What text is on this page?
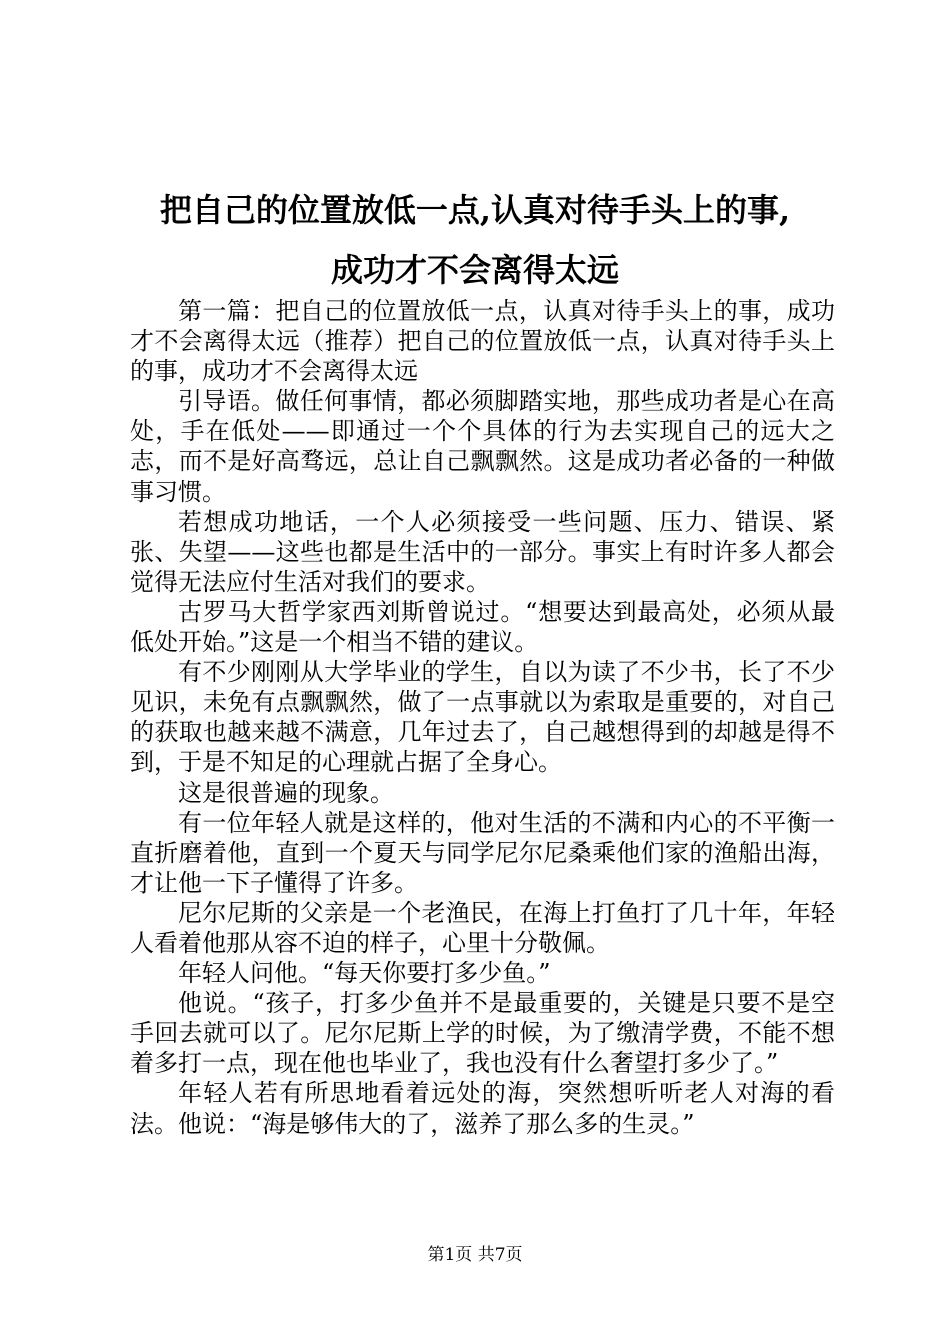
把自己的位置放低一点,认真对待手头上的事,
成功才不会离得太远

第一篇：把自己的位置放低一点，认真对待手头上的事，成功才不会离得太远（推荐）把自己的位置放低一点，认真对待手头上的事，成功才不会离得太远

引导语。做任何事情，都必须脚踏实地，那些成功者是心在高处，手在低处——即通过一个个具体的行为去实现自己的远大之志，而不是好高骛远，总让自己飘飘然。这是成功者必备的一种做事习惯。

若想成功地话，一个人必须接受一些问题、压力、错误、紧张、失望——这些也都是生活中的一部分。事实上有时许多人都会觉得无法应付生活对我们的要求。

古罗马大哲学家西刘斯曾说过。“想要达到最高处，必须从最低处开始。”这是一个相当不错的建议。

有不少刚刚从大学毕业的学生，自以为读了不少书，长了不少见识，未免有点飘飘然，做了一点事就以为索取是重要的，对自己的获取也越来越不满意，几年过去了，自己越想得到的却越是得不到，于是不知足的心理就占据了全身心。

这是很普遍的现象。

有一位年轻人就是这样的，他对生活的不满和内心的不平衡一直折磨着他，直到一个夏天与同学尼尔尼桑乘他们家的渔船出海，才让他一下子懂得了许多。

尼尔尼斯的父亲是一个老渔民，在海上打鱼打了几十年，年轻人看着他那从容不迫的样子，心里十分敬佩。

年轻人问他。“每天你要打多少鱼。”

他说。“孩子，打多少鱼并不是最重要的，关键是只要不是空手回去就可以了。尼尔尼斯上学的时候，为了缴清学费，不能不想着多打一点，现在他也毕业了，我也没有什么奢望打多少了。”

年轻人若有所思地看着远处的海，突然想听听老人对海的看法。他说：“海是够伟大的了，滋养了那么多的生灵。”

第1页 共7页
